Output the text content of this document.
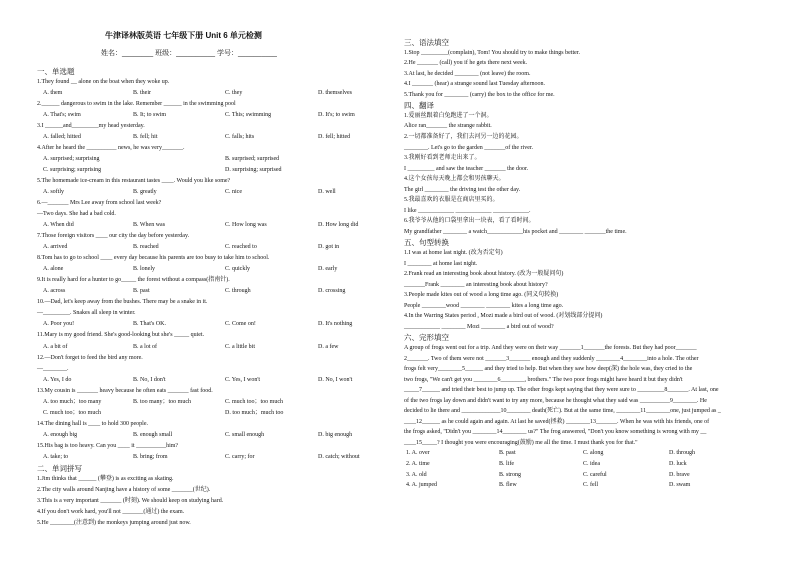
牛津译林版英语 七年级下册 Unit 6 单元检测
姓名：________ 班级：__________ 学号：__________
一、单选题
1.They found __ alone on the boat when they woke up.
A. them	B. their	C. they	D. themselves
2.______ dangerous to swim in the lake. Remember ______ in the swimming pool
A. That's; swim	B. It; to swim	C. This; swimming	D. It's; to swim
3.I ______and_________my head yesterday.
A. falled; hitted	B. fell; hit	C. falls; hits	D. fell; hitted
4.After he heard the __________ news, he was very_______.
A. surprised; surprising	B. surprised; surprised
C. surprising; surprising	D. surprising; surprised
5.The homemade ice-cream in this restaurant tastes ____. Would you like some?
A. softly	B. greatly	C. nice	D. well
6.—_______ Mrs Lee away from school last week?
—Two days. She had a bad cold.
A. When did	B. When was	C. How long was	D. How long did
7.Those foreign visitors ____ our city the day before yesterday.
A. arrived	B. reached	C. reached to	D. got in
8.Tom has to go to school ____ every day because his parents are too busy to take him to school.
A. alone	B. lonely	C. quickly	D. early
9.It is really hard for a hunter to go_____ the forest without a compass(指南针).
A. across	B. past	C. through	D. crossing
10.—Dad, let's keep away from the bushes. There may be a snake in it.
—_________. Snakes all sleep in winter.
A. Poor you!	B. That's OK.	C. Come on!	D. It's nothing
11.Mary is my good friend. She's good-looking but she's _____ quiet.
A. a bit of	B. a lot of	C. a little bit	D. a few
12.—Don't forget to feed the bird any more.
—________.
A. Yes, I do	B. No, I don't	C. Yes, I won't	D. No, I won't
13.My cousin is _______ heavy because he often eats _______ fast food.
A. too much；too many	B. too many；too much	C. much too；too much
C. much too；too much	D. too much；much too
14.The dining hall is ____ to hold 300 people.
A. enough big	B. enough small	C. small enough	D. big enough
15.His bag is too heavy. Can you ____ it __________him?
A. take; to	B. bring; from	C. carry; for	D. catch; without
二、单词拼写
1.Jim thinks that ______ (攀登) is as exciting as skating.
2.The city walls around Nanjing have a history of some _______(世纪).
3.This is a very important _______ (时刻). We should keep on studying hard.
4.If you don't work hard, you'll not _______(通过) the exam.
5.He ________(注意到) the monkeys jumping around just now.
三、语法填空
1.Stop _________(complain), Tom! You should try to make things better.
2.He _______ (call) you if he gets there next week.
3.At last, he decided ________ (not leave) the room.
4.I _______ (hear) a strange sound last Tuesday afternoon.
5.Thank you for ________ (carry) the box to the office for me.
四、翻译
1.爱丽丝跟着白兔跑进了一个洞。
Alice ran_______ the strange rabbit.
2.一切都准备好了，我们去河另一边的花园。
________. Let's go to the garden _______of the river.
3.我刚好看到老师走出来了。
I _________ and saw the teacher _______ the door.
4.这个女孩每天晚上都会和男孩聊天。
The girl ________ the driving test the other day.
5.我最喜欢的衣服是在商店里买的。
I like ____________ ____________ ____________.
6.我爷爷从他的口袋里拿出一块表，看了看时间。
My grandfather ________ a watch____________his pocket and ________ _______the time.
五、句型转换
1.I was at home last night. (改为否定句)
I ________ at home last night.
2.Frank read an interesting book about history. (改为一般疑问句)
_______Frank ________ an interesting book about history?
3.People made kites out of wood a long time ago. (同义句转换)
People ________wood ________ ________ kites a long time ago.
4.In the Warring States period , Mozi made a bird out of wood. (对划线部分提问)
____________ ________ Mozi ________ a bird out of wood?
六、完形填空
A group of frogs went out for a trip. And they were on their way _______1_______the forests. But they had poor_______
2_______. Two of them were not _______3_______ enough and they suddenly ________4________into a hole. The other
frogs felt very________5______ and they tried to help. But when they saw how deep(深) the hole was, they cried to the
two frogs, "We can't get you ________6________, brothers." The two poor frogs might have heard it but they didn't
_____7______ and tried their best to jump up. The other frogs kept saying that they were sure to _________8_______. At last, one
of the two frogs lay down and didn't want to try any more, because he thought what they said was __________9________. He
decided to lie there and _____________10________ death(死亡). But at the same time, ________11________one, just jumped as _
____12______ as he could again and again. At last he saved(拯救) ________13_______. When he was with his friends, one of
the frogs asked, "Didn't you ________14________ us?" The frog answered, "Don't you know something is wrong with my __
____15_____? I thought you were encouraging(鼓励) me all the time. I must thank you for that."
1. A. over	B. past	C. along	D. through
2. A. time	B. life	C. idea	D. luck
3. A. old	B. strong	C. careful	D. brave
4. A. jumped	B. flew	C. fell	D. swam
